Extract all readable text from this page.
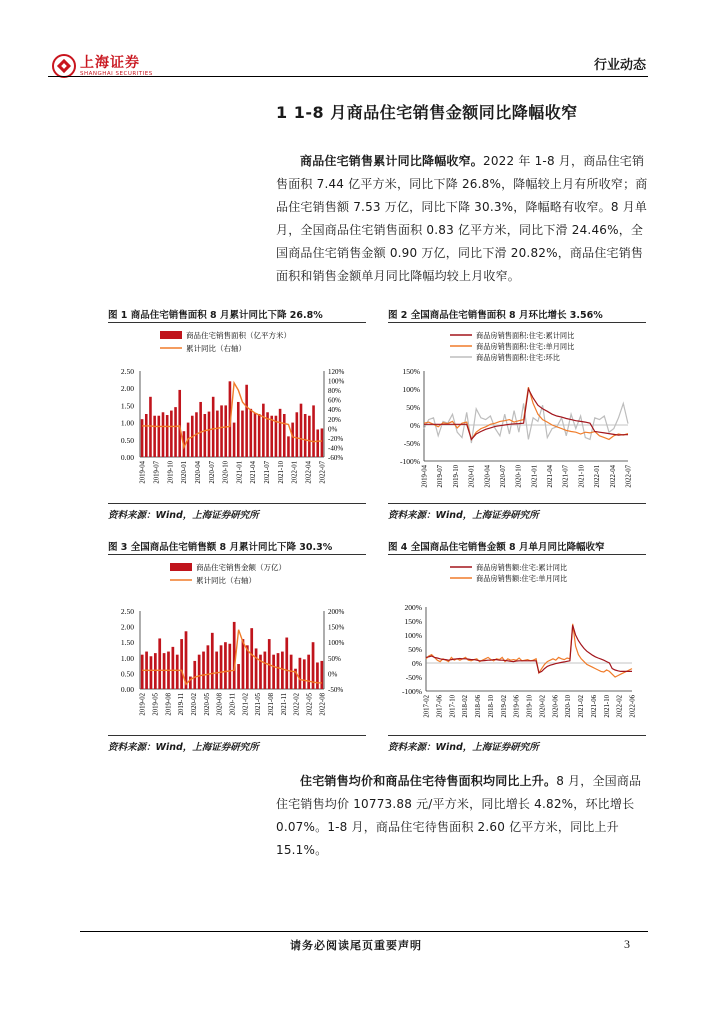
上海证券
SHANGHAI SECURITIES
行业动态
1 1-8 月商品住宅销售金额同比降幅收窄
商品住宅销售累计同比降幅收窄。2022 年 1-8 月，商品住宅销售面积 7.44 亿平方米，同比下降 26.8%，降幅较上月有所收窄；商品住宅销售额 7.53 万亿，同比下降 30.3%，降幅略有收窄。8 月单月，全国商品住宅销售面积 0.83 亿平方米，同比下滑 24.46%，全国商品住宅销售金额 0.90 万亿，同比下滑 20.82%，商品住宅销售面积和销售金额单月同比降幅均较上月收窄。
图 1 商品住宅销售面积 8 月累计同比下降 26.8%
商品住宅销售面积（亿平方米）
累计同比（右轴）
2.50
2.00
1.50
1.00
0.50
0.00
120%
100%
80%
60%
40%
20%
0%
-20%
-40%
-60%
2019-04 2019-07 2019-10 2020-01 2020-04 2020-07 2020-10 2021-01 2021-04 2021-07 2021-10 2022-01 2022-04 2022-07
资料来源：Wind，上海证券研究所
图 2 全国商品住宅销售面积 8 月环比增长 3.56%
商品房销售面积:住宅:累计同比
商品房销售面积:住宅:单月同比
商品房销售面积:住宅:环比
150%
100%
50%
0%
-50%
-100%
2019-04 2019-07 2019-10 2020-01 2020-04 2020-07 2020-10 2021-01 2021-04 2021-07 2021-10 2022-01 2022-04 2022-07
资料来源：Wind，上海证券研究所
图 3 全国商品住宅销售额 8 月累计同比下降 30.3%
商品住宅销售金额（万亿）
累计同比（右轴）
2.50
2.00
1.50
1.00
0.50
0.00
200%
150%
100%
50%
0%
-50%
2019-02 2019-05 2019-08 2019-11 2020-02 2020-05 2020-08 2020-11 2021-02 2021-05 2021-08 2021-11 2022-02 2022-05 2022-08
资料来源：Wind，上海证券研究所
图 4 全国商品住宅销售金额 8 月单月同比降幅收窄
商品房销售额:住宅:累计同比
商品房销售额:住宅:单月同比
200%
150%
100%
50%
0%
-50%
-100%
2017-02 2017-06 2017-10 2018-02 2018-06 2018-10 2019-02 2019-06 2019-10 2020-02 2020-06 2020-10 2021-02 2021-06 2021-10 2022-02 2022-06
资料来源：Wind，上海证券研究所
住宅销售均价和商品住宅待售面积均同比上升。8 月，全国商品住宅销售均价 10773.88 元/平方米，同比增长 4.82%，环比增长 0.07%。1-8 月，商品住宅待售面积 2.60 亿平方米，同比上升 15.1%。
请务必阅读尾页重要声明	3
